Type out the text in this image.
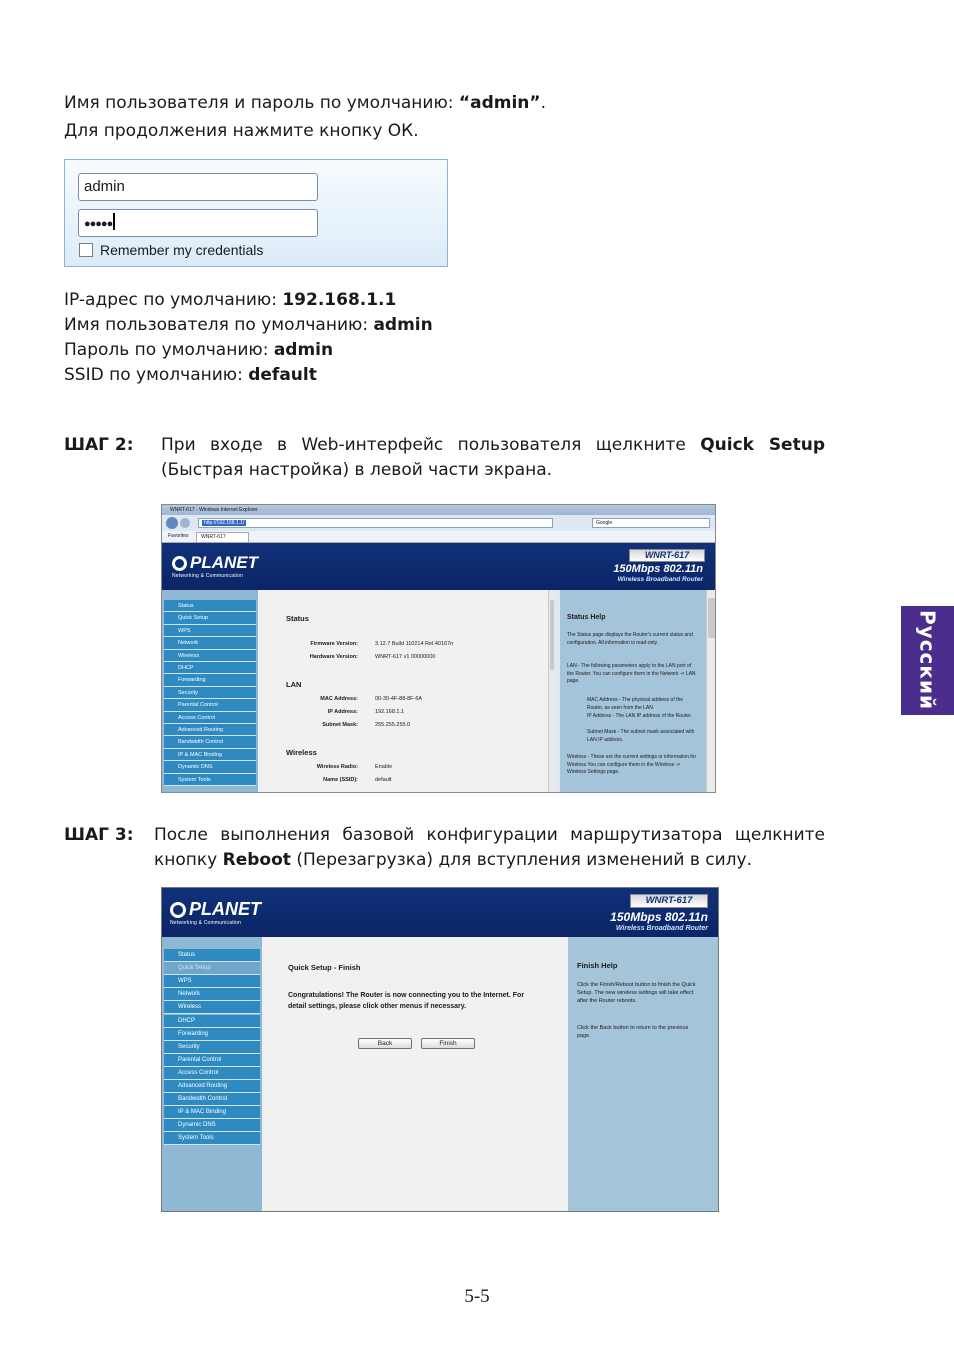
Имя пользователя и пароль по умолчанию: “admin”.
Для продолжения нажмите кнопку ОК.
admin
●●●●●
Remember my credentials
IP-адрес по умолчанию: 192.168.1.1
Имя пользователя по умолчанию: admin
Пароль по умолчанию: admin
SSID по умолчанию: default
ШАГ 2: При входе в Web-интерфейс пользователя щелкните Quick Setup
(Быстрая настройка) в левой части экрана.
WNRT-617 - Windows Internet Explorer
http://192.168.1.1/	Google
Favorites	WNRT-617
PLANET
Networking & Communication
WNRT-617
150Mbps 802.11n
Wireless Broadband Router
Status
Quick Setup
WPS
Network
Wireless
DHCP
Forwarding
Security
Parental Control
Access Control
Advanced Routing
Bandwidth Control
IP & MAC Binding
Dynamic DNS
System Tools
Status
Firmware Version:	3.12.7 Build 110214 Rel.40167n
Hardware Version:	WNRT-617 v1 00000000
LAN
MAC Address:	00-30-4F-88-8F-6A
IP Address:	192.168.1.1
Subnet Mask:	255.255.255.0
Wireless
Wireless Radio:	Enable
Name (SSID):	default
Status Help
The Status page displays the Router's current status and configuration. All information is read-only.
LAN - The following parameters apply to the LAN port of the Router. You can configure them in the Network -> LAN page.
MAC Address - The physical address of the Router, as seen from the LAN.
IP Address - The LAN IP address of the Router.
Subnet Mask - The subnet mask associated with LAN IP address.
Wireless - These are the current settings or information for Wireless.You can configure them in the Wireless -> Wireless Settings page.
Русский
ШАГ 3: После выполнения базовой конфигурации маршрутизатора щелкните
кнопку Reboot (Перезагрузка) для вступления изменений в силу.
PLANET
Networking & Communication
WNRT-617
150Mbps 802.11n
Wireless Broadband Router
Status
Quick Setup
WPS
Network
Wireless
DHCP
Forwarding
Security
Parental Control
Access Control
Advanced Routing
Bandwidth Control
IP & MAC Binding
Dynamic DNS
System Tools
Quick Setup - Finish
Congratulations! The Router is now connecting you to the Internet. For detail settings, please click other menus if necessary.
Back	Finish
Finish Help
Click the Finish/Reboot button to finish the Quick Setup. The new wireless settings will take effect after the Router reboots.
Click the Back button to return to the previous page.
5-5
